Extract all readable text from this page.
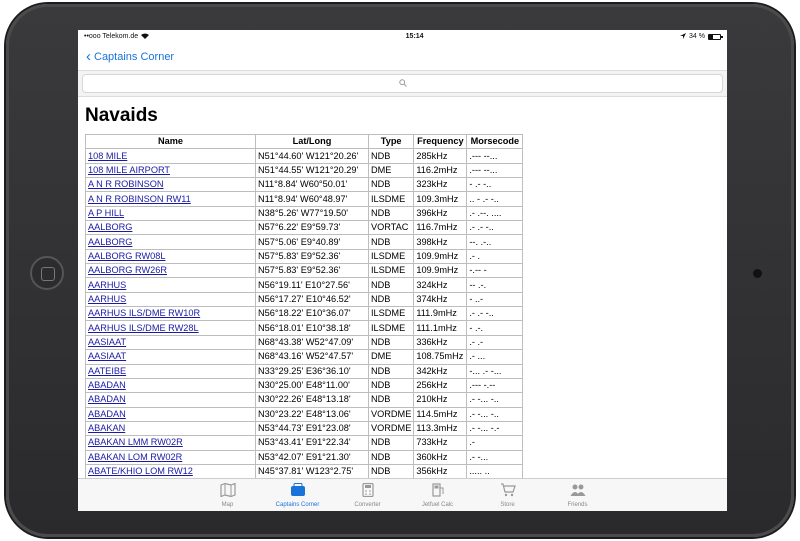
••ooo Telekom.de	15:14	34 %
‹ Captains Corner
Navaids
Name	Lat/Long	Type	Frequency	Morsecode
108 MILE	N51°44.60' W121°20.26'	NDB	285kHz	.--- --...
108 MILE AIRPORT	N51°44.55' W121°20.29'	DME	116.2mHz	.--- --...
A N R ROBINSON	N11°8.84' W60°50.01'	NDB	323kHz	- .- -..
A N R ROBINSON RW11	N11°8.94' W60°48.97'	ILSDME	109.3mHz	.. - .- -..
A P HILL	N38°5.26' W77°19.50'	NDB	396kHz	.- .--. ....
AALBORG	N57°6.22' E9°59.73'	VORTAC	116.7mHz	.- .- -..
AALBORG	N57°5.06' E9°40.89'	NDB	398kHz	--. .-..
AALBORG RW08L	N57°5.83' E9°52.36'	ILSDME	109.9mHz	.- .
AALBORG RW26R	N57°5.83' E9°52.36'	ILSDME	109.9mHz	-.-- -
AARHUS	N56°19.11' E10°27.56'	NDB	324kHz	-- .-.
AARHUS	N56°17.27' E10°46.52'	NDB	374kHz	- ..-
AARHUS ILS/DME RW10R	N56°18.22' E10°36.07'	ILSDME	111.9mHz	.- .- -..
AARHUS ILS/DME RW28L	N56°18.01' E10°38.18'	ILSDME	111.1mHz	- .-.
AASIAAT	N68°43.38' W52°47.09'	NDB	336kHz	.- .-
AASIAAT	N68°43.16' W52°47.57'	DME	108.75mHz	.- ...
AATEIBE	N33°29.25' E36°36.10'	NDB	342kHz	-... .- -...
ABADAN	N30°25.00' E48°11.00'	NDB	256kHz	.--- -.--
ABADAN	N30°22.26' E48°13.18'	NDB	210kHz	.- -... -..
ABADAN	N30°23.22' E48°13.06'	VORDME	114.5mHz	.- -... -..
ABAKAN	N53°44.73' E91°23.08'	VORDME	113.3mHz	.- -... -.-
ABAKAN LMM RW02R	N53°43.41' E91°22.34'	NDB	733kHz	.-
ABAKAN LOM RW02R	N53°42.07' E91°21.30'	NDB	360kHz	.- -...
ABATE/KHIO LOM RW12	N45°37.81' W123°2.75'	NDB	356kHz	..... ..
Map	Captains Corner	Converter	Jetfuel Calc	Store	Friends
